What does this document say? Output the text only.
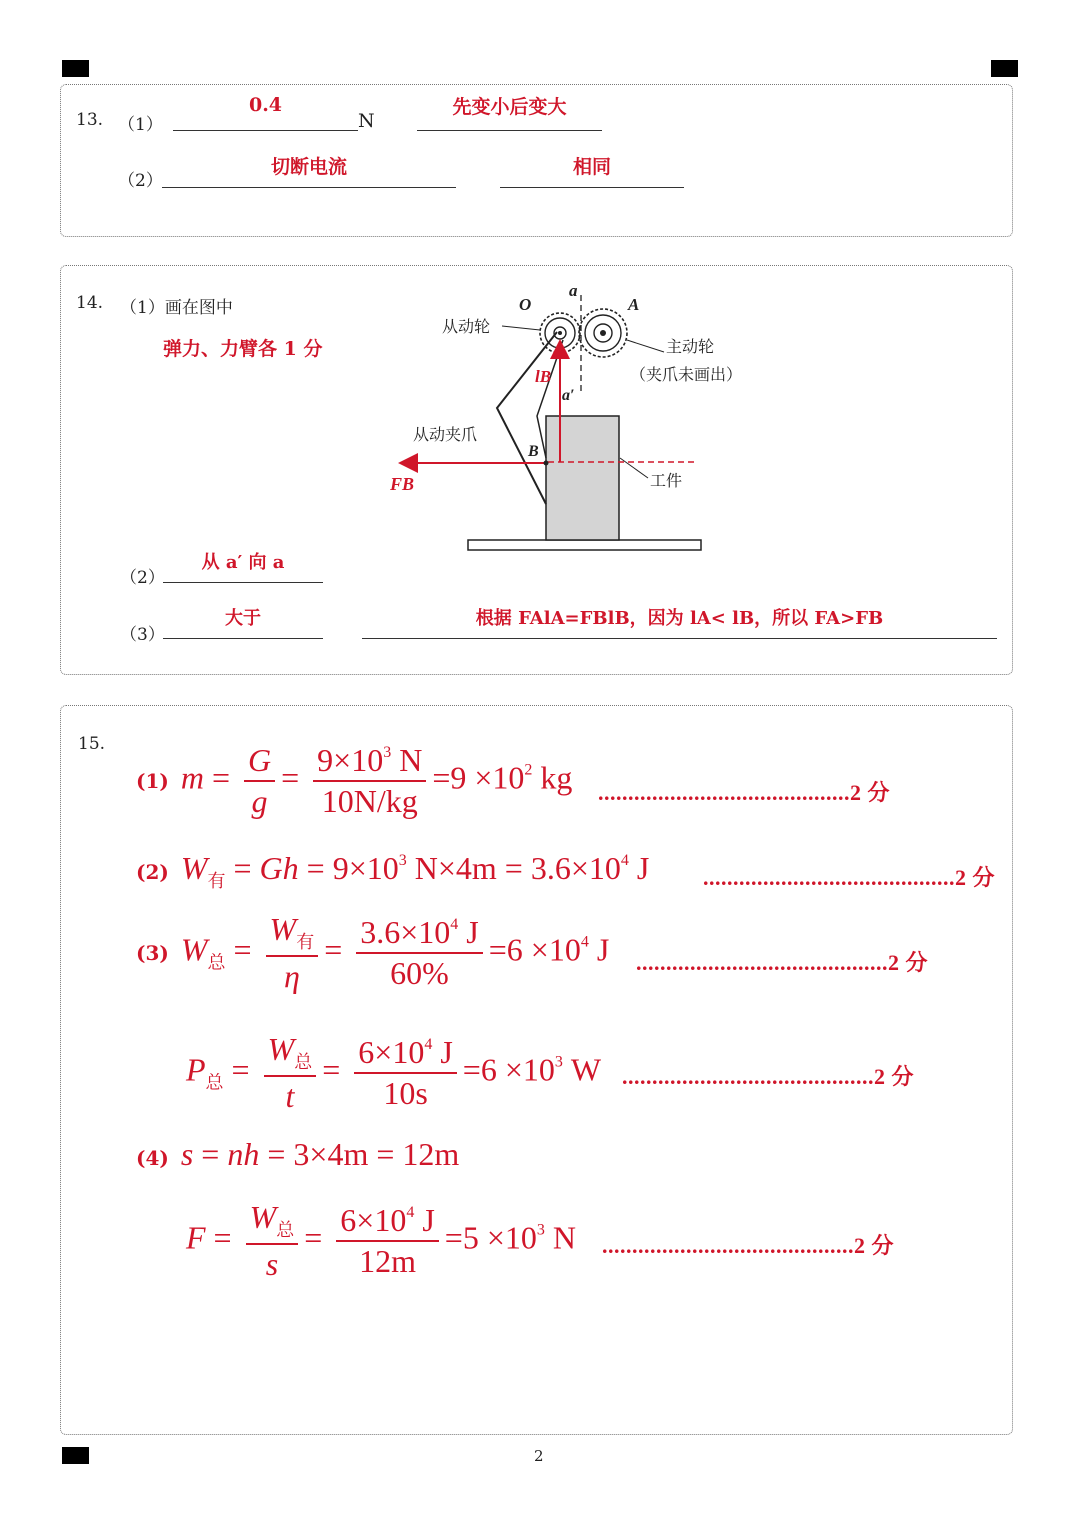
13. （1）
0.4
N
先变小后变大
（2）
切断电流	相同
14. （1）画在图中
弹力、力臂各 1 分
O
a
A
从动轮
主动轮
（夹爪未画出）
lB
a′
从动夹爪
B
工件
FB
（2）
从 a′ 向 a
（3）
大于	根据 FAlA=FBlB，因为 lA< lB，所以 FA>FB
15.
(1) $m = \frac{G}{g} = \frac{9\times 10^3 N}{10N/kg} =9 \times 10^2$ kg ..........................................2 分
(2) $W_有 = Gh = 9\times 10^3$ $N\times 4m = 3.6\times 10^4$ J ..........................................2 分
(3) $W_总 = \frac{W_有}{\eta} = \frac{3.6\times 10^4 J}{60\%} =6 \times 10^4$ J ..........................................2 分
$P_总 = \frac{W_总}{t} = \frac{6\times 10^4 J}{10s} =6 \times 10^3$ W ..........................................2 分
(4) s = nh = 3×4m = 12m
$F = \frac{W_总}{s} = \frac{6\times 10^4 J}{12m} =5 \times 10^3$ N ..........................................2 分
2
